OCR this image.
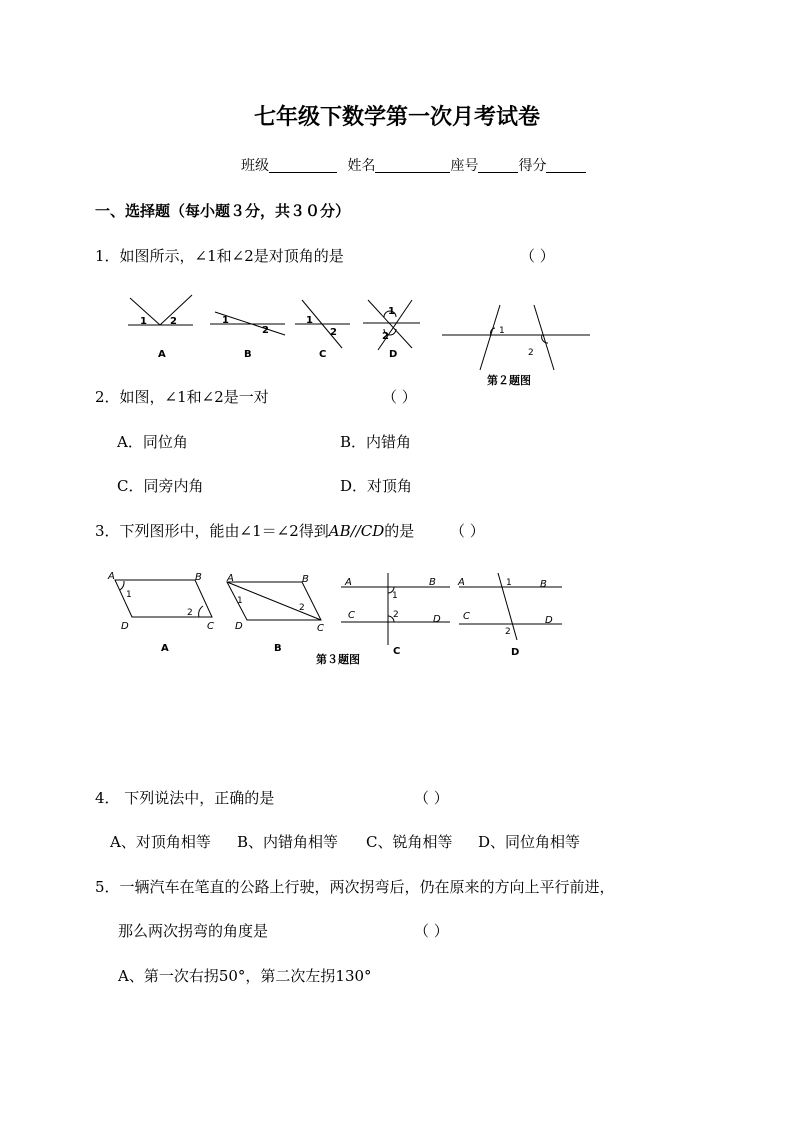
七年级下数学第一次月考试卷
班级	姓名	座号	得分
一、选择题（每小题３分，共３０分）
1．如图所示，∠1和∠2是对顶角的是	（ ）
1 2
A
1
2
B
1
2
C
1
2
D
1
2
第２题图
2．如图，∠1和∠2是一对	（ ）
A．同位角	B．内错角
C．同旁内角	D．对顶角
3．下列图形中，能由∠1＝∠2得到AB//CD的是 （ ）
A	B
C
D
1
2
A
A	B
C
D
1
2
B
A	B
C	D
1
2
C
A	B
C	D
1
2
D
第３题图
4． 下列说法中，正确的是	（ ）
A、对顶角相等 B、内错角相等 C、锐角相等 D、同位角相等
5．一辆汽车在笔直的公路上行驶，两次拐弯后，仍在原来的方向上平行前进，
那么两次拐弯的角度是	（ ）
A、第一次右拐50°，第二次左拐130°
